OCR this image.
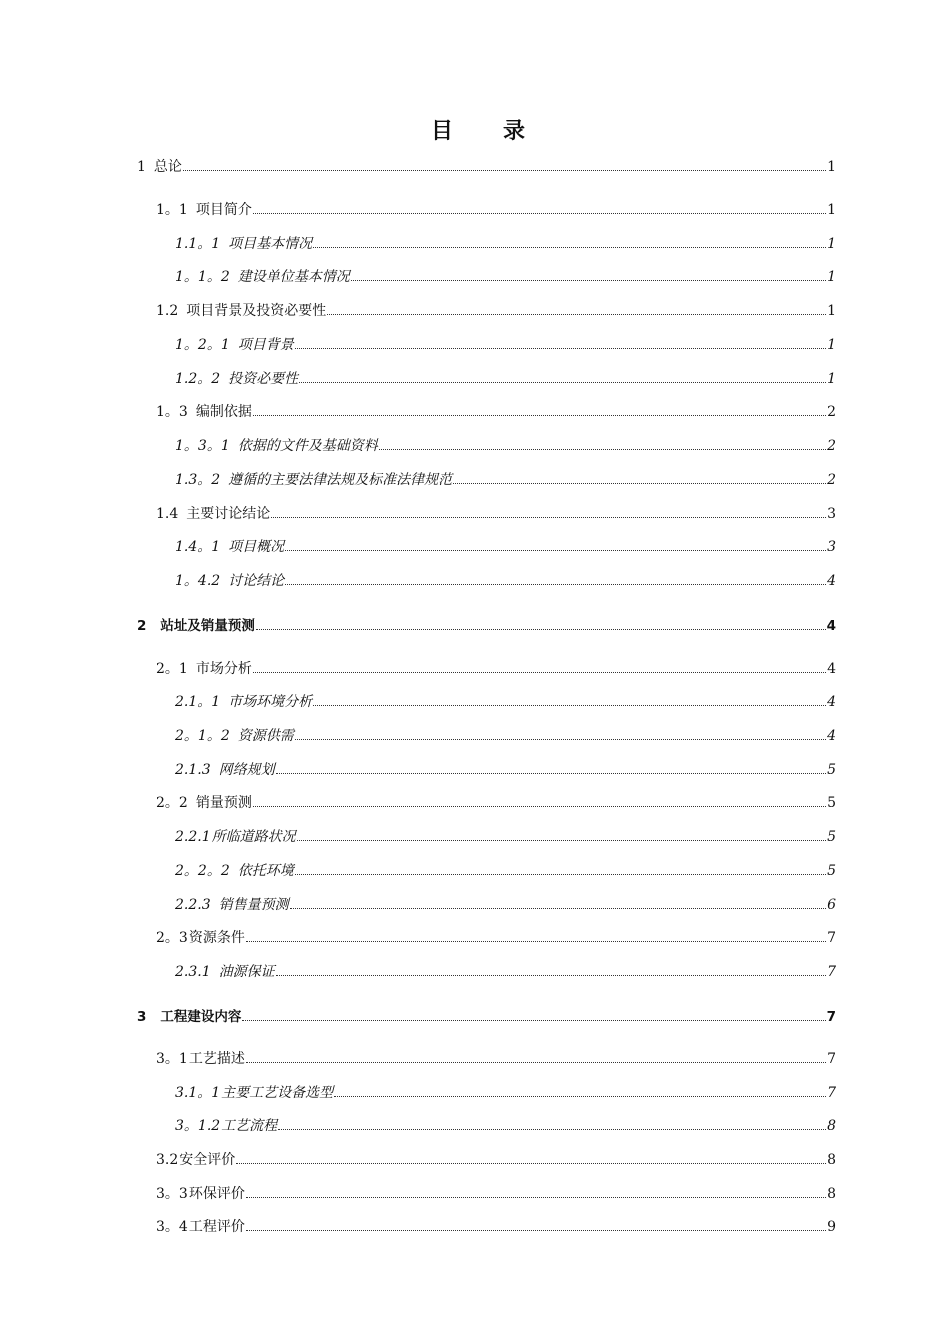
目　录
1 总论	1
1。1 项目简介	1
1.1。1 项目基本情况	1
1。1。2 建设单位基本情况	1
1.2 项目背景及投资必要性	1
1。2。1 项目背景	1
1.2。2 投资必要性	1
1。3 编制依据	2
1。3。1 依据的文件及基础资料	2
1.3。2 遵循的主要法律法规及标准法律规范	2
1.4 主要讨论结论	3
1.4。1 项目概况	3
1。4.2 讨论结论	4
2 站址及销量预测	4
2。1 市场分析	4
2.1。1 市场环境分析	4
2。1。2 资源供需	4
2.1.3 网络规划	5
2。2 销量预测	5
2.2.1 所临道路状况	5
2。2。2 依托环境	5
2.2.3 销售量预测	6
2。3 资源条件	7
2.3.1 油源保证	7
3 工程建设内容	7
3。1 工艺描述	7
3.1。1 主要工艺设备选型	7
3。1.2 工艺流程	8
3.2 安全评价	8
3。3 环保评价	8
3。4 工程评价	9
